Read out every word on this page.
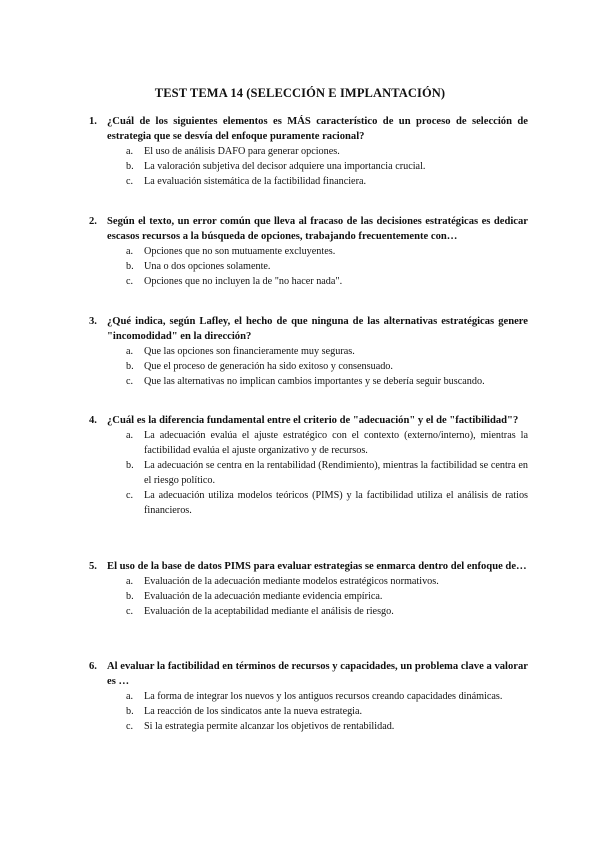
TEST TEMA 14 (SELECCIÓN E IMPLANTACIÓN)
1. ¿Cuál de los siguientes elementos es MÁS característico de un proceso de selección de estrategia que se desvía del enfoque puramente racional?
a. El uso de análisis DAFO para generar opciones.
b. La valoración subjetiva del decisor adquiere una importancia crucial.
c. La evaluación sistemática de la factibilidad financiera.
2. Según el texto, un error común que lleva al fracaso de las decisiones estratégicas es dedicar escasos recursos a la búsqueda de opciones, trabajando frecuentemente con…
a. Opciones que no son mutuamente excluyentes.
b. Una o dos opciones solamente.
c. Opciones que no incluyen la de "no hacer nada".
3. ¿Qué indica, según Lafley, el hecho de que ninguna de las alternativas estratégicas genere "incomodidad" en la dirección?
a. Que las opciones son financieramente muy seguras.
b. Que el proceso de generación ha sido exitoso y consensuado.
c. Que las alternativas no implican cambios importantes y se debería seguir buscando.
4. ¿Cuál es la diferencia fundamental entre el criterio de "adecuación" y el de "factibilidad"?
a. La adecuación evalúa el ajuste estratégico con el contexto (externo/interno), mientras la factibilidad evalúa el ajuste organizativo y de recursos.
b. La adecuación se centra en la rentabilidad (Rendimiento), mientras la factibilidad se centra en el riesgo político.
c. La adecuación utiliza modelos teóricos (PIMS) y la factibilidad utiliza el análisis de ratios financieros.
5. El uso de la base de datos PIMS para evaluar estrategias se enmarca dentro del enfoque de…
a. Evaluación de la adecuación mediante modelos estratégicos normativos.
b. Evaluación de la adecuación mediante evidencia empírica.
c. Evaluación de la aceptabilidad mediante el análisis de riesgo.
6. Al evaluar la factibilidad en términos de recursos y capacidades, un problema clave a valorar es …
a. La forma de integrar los nuevos y los antiguos recursos creando capacidades dinámicas.
b. La reacción de los sindicatos ante la nueva estrategia.
c. Si la estrategia permite alcanzar los objetivos de rentabilidad.
